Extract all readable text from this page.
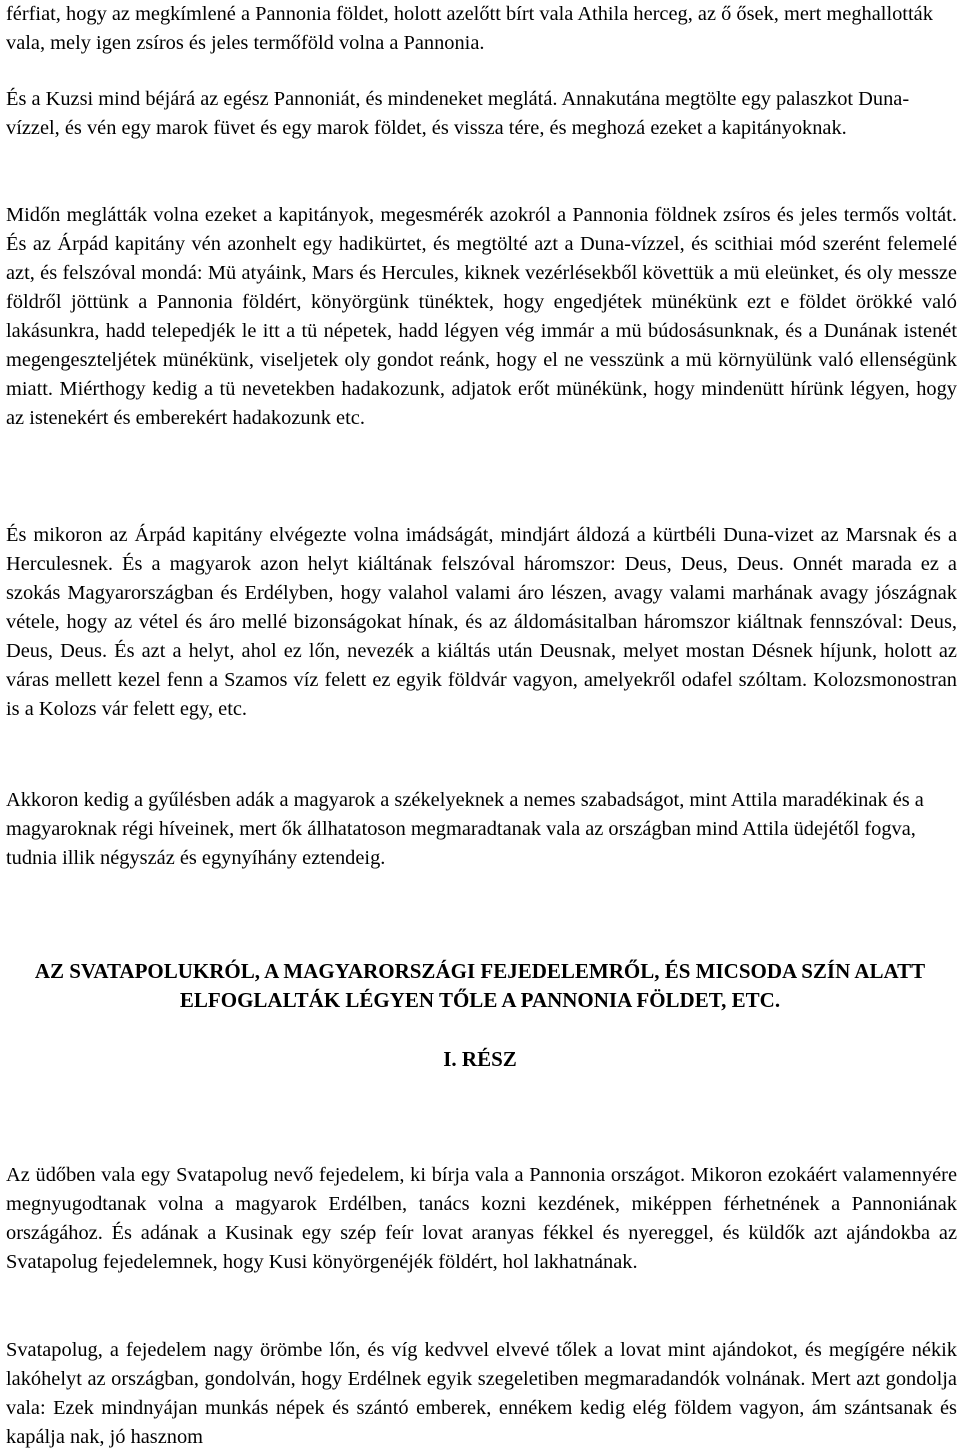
férfiat, hogy az megkímlené a Pannonia földet, holott azelőtt bírt vala Athila herceg, az ő ősek, mert meghallották vala, mely igen zsíros és jeles termőföld volna a Pannonia.

És a Kuzsi mind béjárá az egész Pannoniát, és mindeneket meglátá. Annakutána megtölte egy palaszkot Duna-vízzel, és vén egy marok füvet és egy marok földet, és vissza tére, és meghozá ezeket a kapitányoknak.

Midőn meglátták volna ezeket a kapitányok, megesmérék azokról a Pannonia földnek zsíros és jeles termős voltát. És az Árpád kapitány vén azonhelt egy hadikürtet, és megtölté azt a Duna-vízzel, és scithiai mód szerént felemelé azt, és felszóval mondá: Mü atyáink, Mars és Hercules, kiknek vezérlésekből követtük a mü eleünket, és oly messze földről jöttünk a Pannonia földért, könyörgünk tünéktek, hogy engedjétek münékünk ezt e földet örökké való lakásunkra, hadd telepedjék le itt a tü népetek, hadd légyen vég immár a mü búdosásunknak, és a Dunának istenét megengeszteljétek münékünk, viseljetek oly gondot reánk, hogy el ne vesszünk a mü környülünk való ellenségünk miatt. Miérthogy kedig a tü nevetekben hadakozunk, adjatok erőt münékünk, hogy mindenütt hírünk légyen, hogy az istenekért és emberekért hadakozunk etc.

És mikoron az Árpád kapitány elvégezte volna imádságát, mindjárt áldozá a kürtbéli Duna-vizet az Marsnak és a Herculesnek. És a magyarok azon helyt kiáltának felszóval háromszor: Deus, Deus, Deus. Onnét marada ez a szokás Magyarországban és Erdélyben, hogy valahol valami áro lészen, avagy valami marhának avagy jószágnak vétele, hogy az vétel és áro mellé bizonságokat hínak, és az áldomásitalban háromszor kiáltnak fennszóval: Deus, Deus, Deus. És azt a helyt, ahol ez lőn, nevezék a kiáltás után Deusnak, melyet mostan Désnek híjunk, holott az váras mellett kezel fenn a Szamos víz felett ez egyik földvár vagyon, amelyekről odafel szóltam. Kolozsmonostran is a Kolozs vár felett egy, etc.

Akkoron kedig a gyűlésben adák a magyarok a székelyeknek a nemes szabadságot, mint Attila maradékinak és a magyaroknak régi híveinek, mert ők állhatatoson megmaradtanak vala az országban mind Attila üdejétől fogva, tudnia illik négyszáz és egynyíhány eztendeig.

AZ SVATAPOLUKRÓL, A MAGYARORSZÁGI FEJEDELEMRŐL, ÉS MICSODA SZÍN ALATT ELFOGLALTÁK LÉGYEN TŐLE A PANNONIA FÖLDET, ETC.
I. RÉSZ

Az üdőben vala egy Svatapolug nevő fejedelem, ki bírja vala a Pannonia országot. Mikoron ezokáért valamennyére megnyugodtanak volna a magyarok Erdélben, tanács kozni kezdének, miképpen férhetnének a Pannoniának országához. És adának a Kusinak egy szép feír lovat aranyas fékkel és nyereggel, és küldők azt ajándokba az Svatapolug fejedelemnek, hogy Kusi könyörgenéjék földért, hol lakhatnának.

Svatapolug, a fejedelem nagy örömbe lőn, és víg kedvvel elvevé tőlek a lovat mint ajándokot, és megígére nékik lakóhelyt az országban, gondolván, hogy Erdélnek egyik szegeletiben megmaradandók volnának. Mert azt gondolja vala: Ezek mindnyájan munkás népek és szántó emberek, ennékem kedig elég földem vagyon, ám szántsanak és kapálja nak, jó hasznom
